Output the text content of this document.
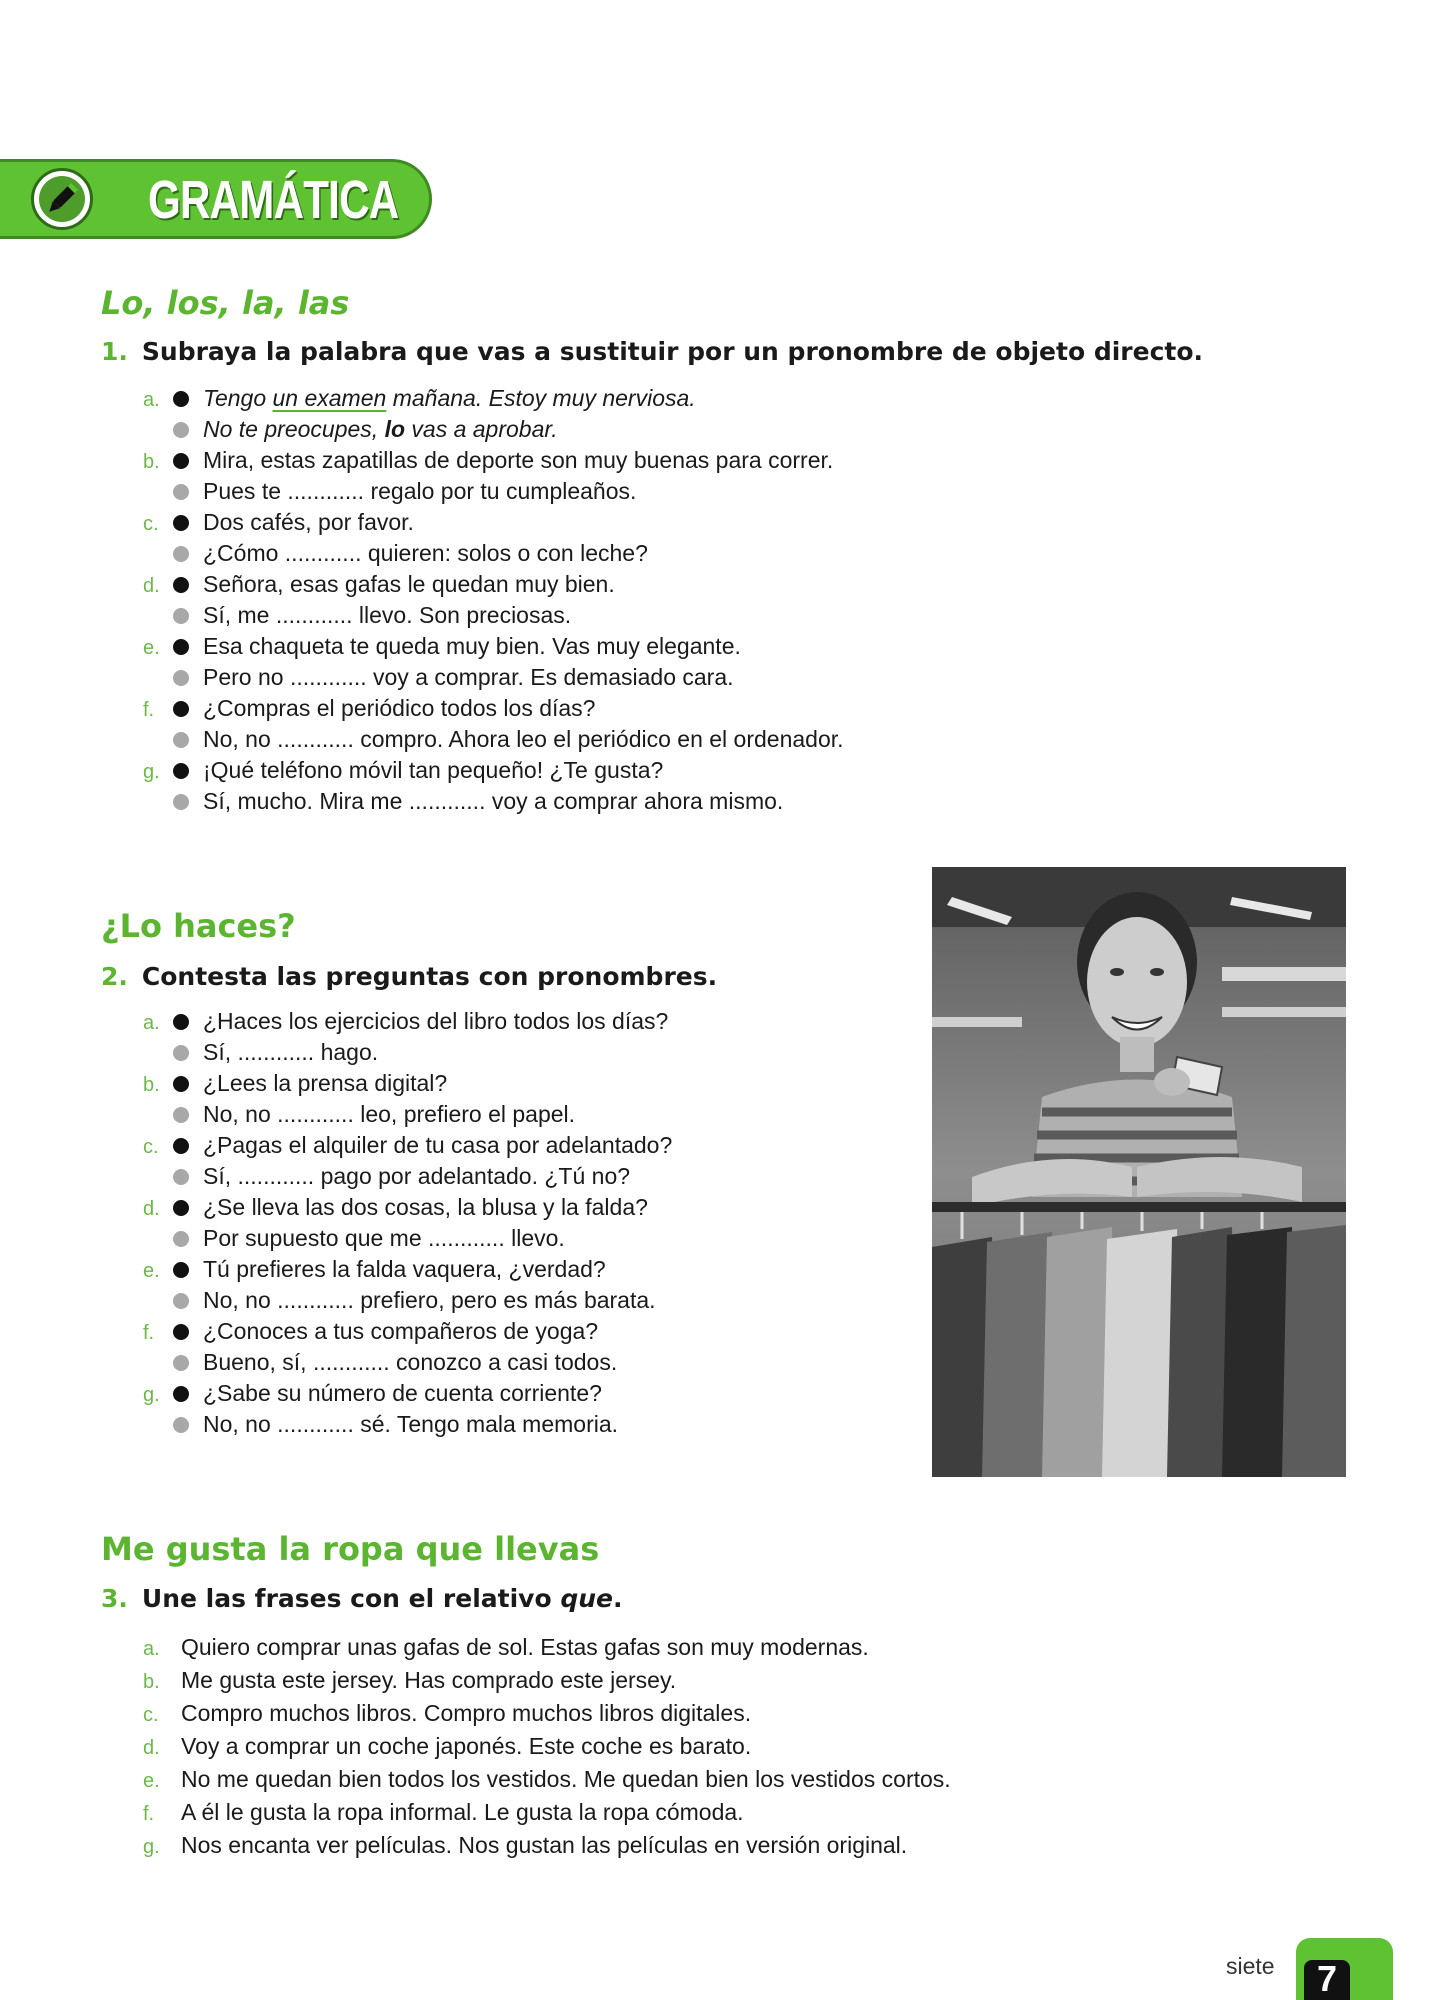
GRAMÁTICA
Lo, los, la, las
1. Subraya la palabra que vas a sustituir por un pronombre de objeto directo.
a. Tengo un examen mañana. Estoy muy nerviosa.
No te preocupes, lo vas a aprobar.
b. Mira, estas zapatillas de deporte son muy buenas para correr.
Pues te ............ regalo por tu cumpleaños.
c. Dos cafés, por favor.
¿Cómo ............ quieren: solos o con leche?
d. Señora, esas gafas le quedan muy bien.
Sí, me ............ llevo. Son preciosas.
e. Esa chaqueta te queda muy bien. Vas muy elegante.
Pero no ............ voy a comprar. Es demasiado cara.
f. ¿Compras el periódico todos los días?
No, no ............ compro. Ahora leo el periódico en el ordenador.
g. ¡Qué teléfono móvil tan pequeño! ¿Te gusta?
Sí, mucho. Mira me ............ voy a comprar ahora mismo.
¿Lo haces?
2. Contesta las preguntas con pronombres.
a. ¿Haces los ejercicios del libro todos los días?
Sí, ............ hago.
b. ¿Lees la prensa digital?
No, no ............ leo, prefiero el papel.
c. ¿Pagas el alquiler de tu casa por adelantado?
Sí, ............ pago por adelantado. ¿Tú no?
d. ¿Se lleva las dos cosas, la blusa y la falda?
Por supuesto que me ............ llevo.
e. Tú prefieres la falda vaquera, ¿verdad?
No, no ............ prefiero, pero es más barata.
f. ¿Conoces a tus compañeros de yoga?
Bueno, sí, ............ conozco a casi todos.
g. ¿Sabe su número de cuenta corriente?
No, no ............ sé. Tengo mala memoria.
Me gusta la ropa que llevas
3. Une las frases con el relativo que.
a. Quiero comprar unas gafas de sol. Estas gafas son muy modernas.
b. Me gusta este jersey. Has comprado este jersey.
c. Compro muchos libros. Compro muchos libros digitales.
d. Voy a comprar un coche japonés. Este coche es barato.
e. No me quedan bien todos los vestidos. Me quedan bien los vestidos cortos.
f. A él le gusta la ropa informal. Le gusta la ropa cómoda.
g. Nos encanta ver películas. Nos gustan las películas en versión original.
siete	7
